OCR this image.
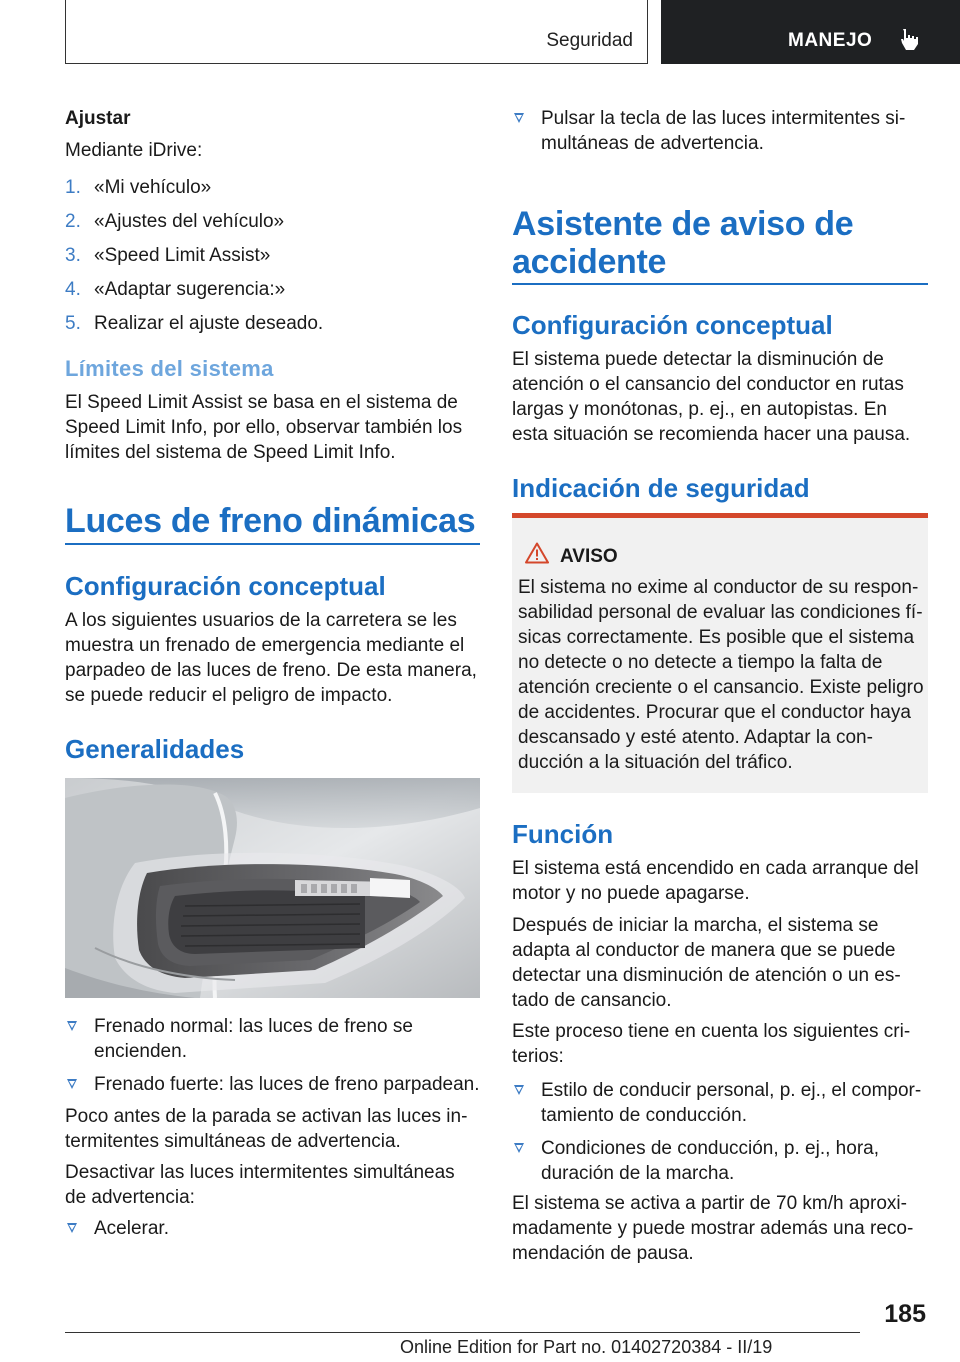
Seguridad	MANEJO
Ajustar
Mediante iDrive:
1. «Mi vehículo»
2. «Ajustes del vehículo»
3. «Speed Limit Assist»
4. «Adaptar sugerencia:»
5. Realizar el ajuste deseado.
Límites del sistema
El Speed Limit Assist se basa en el sistema de Speed Limit Info, por ello, observar también los límites del sistema de Speed Limit Info.
Luces de freno dinámicas
Configuración conceptual
A los siguientes usuarios de la carretera se les muestra un frenado de emergencia mediante el parpadeo de las luces de freno. De esta manera, se puede reducir el peligro de impacto.
Generalidades
Frenado normal: las luces de freno se encienden.
Frenado fuerte: las luces de freno parpadean.
Poco antes de la parada se activan las luces intermitentes simultáneas de advertencia.
Desactivar las luces intermitentes simultáneas de advertencia:
Acelerar.
Pulsar la tecla de las luces intermitentes simultáneas de advertencia.
Asistente de aviso de accidente
Configuración conceptual
El sistema puede detectar la disminución de atención o el cansancio del conductor en rutas largas y monótonas, p. ej., en autopistas. En esta situación se recomienda hacer una pausa.
Indicación de seguridad
Función
El sistema está encendido en cada arranque del motor y no puede apagarse.
Después de iniciar la marcha, el sistema se adapta al conductor de manera que se puede detectar una disminución de atención o un estado de cansancio.
Este proceso tiene en cuenta los siguientes criterios:
Estilo de conducir personal, p. ej., el comportamiento de conducción.
Condiciones de conducción, p. ej., hora, duración de la marcha.
El sistema se activa a partir de 70 km/h aproximadamente y puede mostrar además una recomendación de pausa.
AVISO
El sistema no exime al conductor de su responsabilidad personal de evaluar las condiciones físicas correctamente. Es posible que el sistema no detecte o no detecte a tiempo la falta de atención creciente o el cansancio. Existe peligro de accidentes. Procurar que el conductor haya descansado y esté atento. Adaptar la conducción a la situación del tráfico.
185
Online Edition for Part no. 01402720384 - II/19
